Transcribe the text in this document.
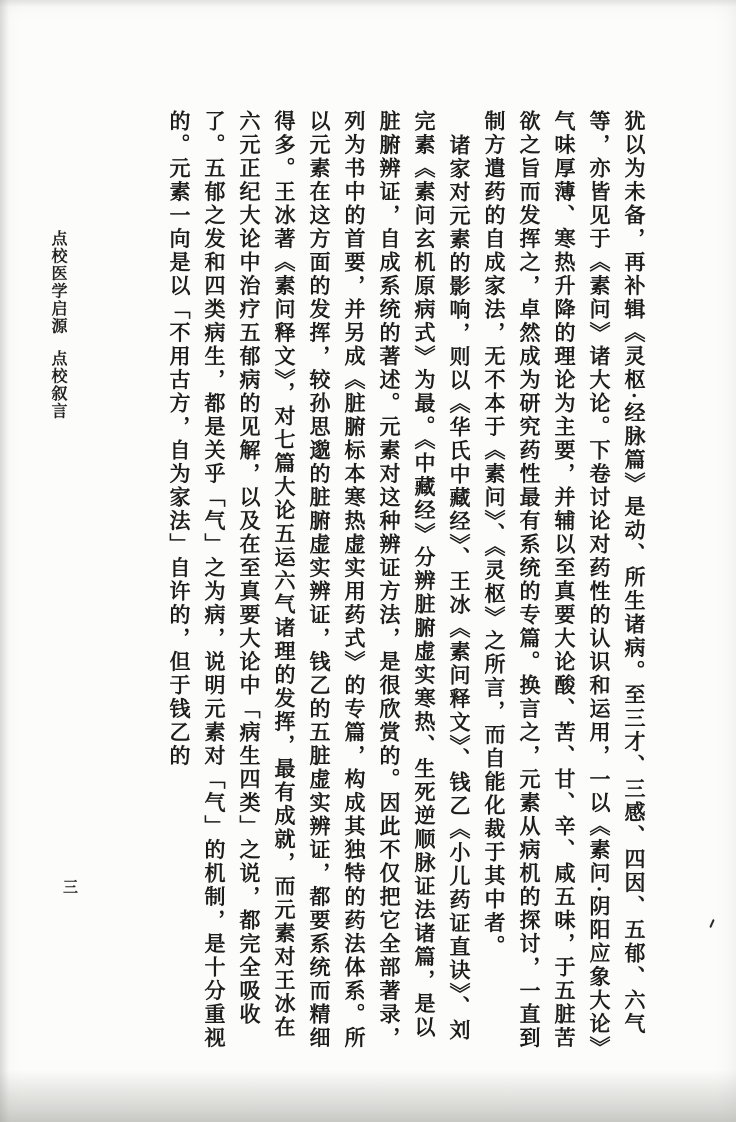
犹以为未备，再补辑《灵枢·经脉篇》是动、所生诸病。至三才、三感、四因、五郁、六气等，亦皆见于《素问》诸大论。下卷讨论对药性的认识和运用，一以《素问·阴阳应象大论》气味厚薄、寒热升降的理论为主要，并辅以至真要大论酸、苦、甘、辛、咸五味，于五脏苦欲之旨而发挥之，卓然成为研究药性最有系统的专篇。换言之，元素从病机的探讨，一直到制方遣药的自成家法，无不本于《素问》、《灵枢》之所言，而自能化裁于其中者。

诸家对元素的影响，则以《华氏中藏经》、王冰《素问释文》、钱乙《小儿药证直诀》、刘完素《素问玄机原病式》为最。《中藏经》分辨脏腑虚实寒热、生死逆顺脉证法诸篇，是以脏腑辨证，自成系统的著述。元素对这种辨证方法，是很欣赏的。因此不仅把它全部著录，列为书中的首要，并另成《脏腑标本寒热虚实用药式》的专篇，构成其独特的药法体系。所以元素在这方面的发挥，较孙思邈的脏腑虚实辨证，钱乙的五脏虚实辨证，都要系统而精细得多。王冰著《素问释文》，对七篇大论五运六气诸理的发挥，最有成就，而元素对王冰在六元正纪大论中治疗五郁病的见解，以及在至真要大论中「病生四类」之说，都完全吸收了。五郁之发和四类病生，都是关乎「气」之为病，说明元素对「气」的机制，是十分重视的。元素一向是以「不用古方，自为家法」自许的，但于钱乙的

点校医学启源点校叙言
三
